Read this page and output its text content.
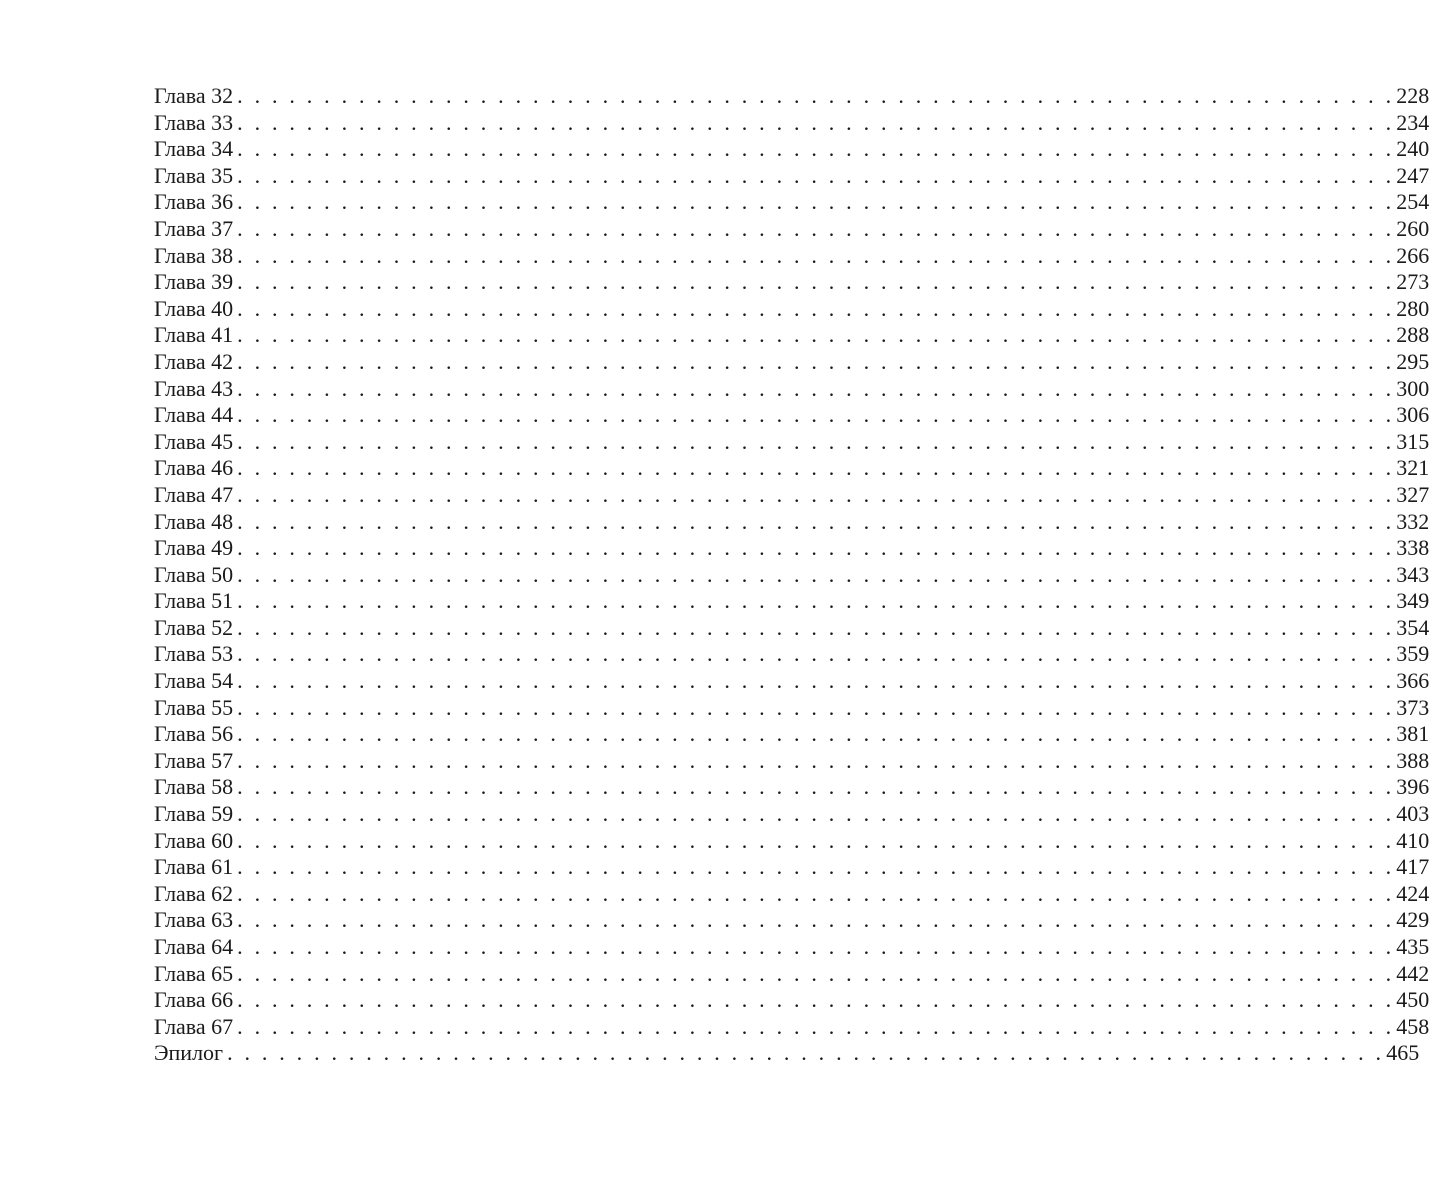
Глава 32 . . . . . . . . . . . . . . . . . . . . . . . . . . . . . . . . . . . . . . . . . . . . . . . . . . . . . . . . . . . . . . . . . . . 228
Глава 33 . . . . . . . . . . . . . . . . . . . . . . . . . . . . . . . . . . . . . . . . . . . . . . . . . . . . . . . . . . . . . . . . . . . 234
Глава 34 . . . . . . . . . . . . . . . . . . . . . . . . . . . . . . . . . . . . . . . . . . . . . . . . . . . . . . . . . . . . . . . . . . . 240
Глава 35 . . . . . . . . . . . . . . . . . . . . . . . . . . . . . . . . . . . . . . . . . . . . . . . . . . . . . . . . . . . . . . . . . . . 247
Глава 36 . . . . . . . . . . . . . . . . . . . . . . . . . . . . . . . . . . . . . . . . . . . . . . . . . . . . . . . . . . . . . . . . . . . 254
Глава 37 . . . . . . . . . . . . . . . . . . . . . . . . . . . . . . . . . . . . . . . . . . . . . . . . . . . . . . . . . . . . . . . . . . . 260
Глава 38 . . . . . . . . . . . . . . . . . . . . . . . . . . . . . . . . . . . . . . . . . . . . . . . . . . . . . . . . . . . . . . . . . . . 266
Глава 39 . . . . . . . . . . . . . . . . . . . . . . . . . . . . . . . . . . . . . . . . . . . . . . . . . . . . . . . . . . . . . . . . . . . 273
Глава 40 . . . . . . . . . . . . . . . . . . . . . . . . . . . . . . . . . . . . . . . . . . . . . . . . . . . . . . . . . . . . . . . . . . . 280
Глава 41 . . . . . . . . . . . . . . . . . . . . . . . . . . . . . . . . . . . . . . . . . . . . . . . . . . . . . . . . . . . . . . . . . . . 288
Глава 42 . . . . . . . . . . . . . . . . . . . . . . . . . . . . . . . . . . . . . . . . . . . . . . . . . . . . . . . . . . . . . . . . . . . 295
Глава 43 . . . . . . . . . . . . . . . . . . . . . . . . . . . . . . . . . . . . . . . . . . . . . . . . . . . . . . . . . . . . . . . . . . . 300
Глава 44 . . . . . . . . . . . . . . . . . . . . . . . . . . . . . . . . . . . . . . . . . . . . . . . . . . . . . . . . . . . . . . . . . . . 306
Глава 45 . . . . . . . . . . . . . . . . . . . . . . . . . . . . . . . . . . . . . . . . . . . . . . . . . . . . . . . . . . . . . . . . . . . 315
Глава 46 . . . . . . . . . . . . . . . . . . . . . . . . . . . . . . . . . . . . . . . . . . . . . . . . . . . . . . . . . . . . . . . . . . . 321
Глава 47 . . . . . . . . . . . . . . . . . . . . . . . . . . . . . . . . . . . . . . . . . . . . . . . . . . . . . . . . . . . . . . . . . . . 327
Глава 48 . . . . . . . . . . . . . . . . . . . . . . . . . . . . . . . . . . . . . . . . . . . . . . . . . . . . . . . . . . . . . . . . . . . 332
Глава 49 . . . . . . . . . . . . . . . . . . . . . . . . . . . . . . . . . . . . . . . . . . . . . . . . . . . . . . . . . . . . . . . . . . . 338
Глава 50 . . . . . . . . . . . . . . . . . . . . . . . . . . . . . . . . . . . . . . . . . . . . . . . . . . . . . . . . . . . . . . . . . . . 343
Глава 51 . . . . . . . . . . . . . . . . . . . . . . . . . . . . . . . . . . . . . . . . . . . . . . . . . . . . . . . . . . . . . . . . . . . 349
Глава 52 . . . . . . . . . . . . . . . . . . . . . . . . . . . . . . . . . . . . . . . . . . . . . . . . . . . . . . . . . . . . . . . . . . . 354
Глава 53 . . . . . . . . . . . . . . . . . . . . . . . . . . . . . . . . . . . . . . . . . . . . . . . . . . . . . . . . . . . . . . . . . . . 359
Глава 54 . . . . . . . . . . . . . . . . . . . . . . . . . . . . . . . . . . . . . . . . . . . . . . . . . . . . . . . . . . . . . . . . . . . 366
Глава 55 . . . . . . . . . . . . . . . . . . . . . . . . . . . . . . . . . . . . . . . . . . . . . . . . . . . . . . . . . . . . . . . . . . . 373
Глава 56 . . . . . . . . . . . . . . . . . . . . . . . . . . . . . . . . . . . . . . . . . . . . . . . . . . . . . . . . . . . . . . . . . . . 381
Глава 57 . . . . . . . . . . . . . . . . . . . . . . . . . . . . . . . . . . . . . . . . . . . . . . . . . . . . . . . . . . . . . . . . . . . 388
Глава 58 . . . . . . . . . . . . . . . . . . . . . . . . . . . . . . . . . . . . . . . . . . . . . . . . . . . . . . . . . . . . . . . . . . . 396
Глава 59 . . . . . . . . . . . . . . . . . . . . . . . . . . . . . . . . . . . . . . . . . . . . . . . . . . . . . . . . . . . . . . . . . . . 403
Глава 60 . . . . . . . . . . . . . . . . . . . . . . . . . . . . . . . . . . . . . . . . . . . . . . . . . . . . . . . . . . . . . . . . . . . 410
Глава 61 . . . . . . . . . . . . . . . . . . . . . . . . . . . . . . . . . . . . . . . . . . . . . . . . . . . . . . . . . . . . . . . . . . . 417
Глава 62 . . . . . . . . . . . . . . . . . . . . . . . . . . . . . . . . . . . . . . . . . . . . . . . . . . . . . . . . . . . . . . . . . . . 424
Глава 63 . . . . . . . . . . . . . . . . . . . . . . . . . . . . . . . . . . . . . . . . . . . . . . . . . . . . . . . . . . . . . . . . . . . 429
Глава 64 . . . . . . . . . . . . . . . . . . . . . . . . . . . . . . . . . . . . . . . . . . . . . . . . . . . . . . . . . . . . . . . . . . . 435
Глава 65 . . . . . . . . . . . . . . . . . . . . . . . . . . . . . . . . . . . . . . . . . . . . . . . . . . . . . . . . . . . . . . . . . . . 442
Глава 66 . . . . . . . . . . . . . . . . . . . . . . . . . . . . . . . . . . . . . . . . . . . . . . . . . . . . . . . . . . . . . . . . . . . 450
Глава 67 . . . . . . . . . . . . . . . . . . . . . . . . . . . . . . . . . . . . . . . . . . . . . . . . . . . . . . . . . . . . . . . . . . . 458
Эпилог . . . . . . . . . . . . . . . . . . . . . . . . . . . . . . . . . . . . . . . . . . . . . . . . . . . . . . . . . . . . . . . . . . . 465
